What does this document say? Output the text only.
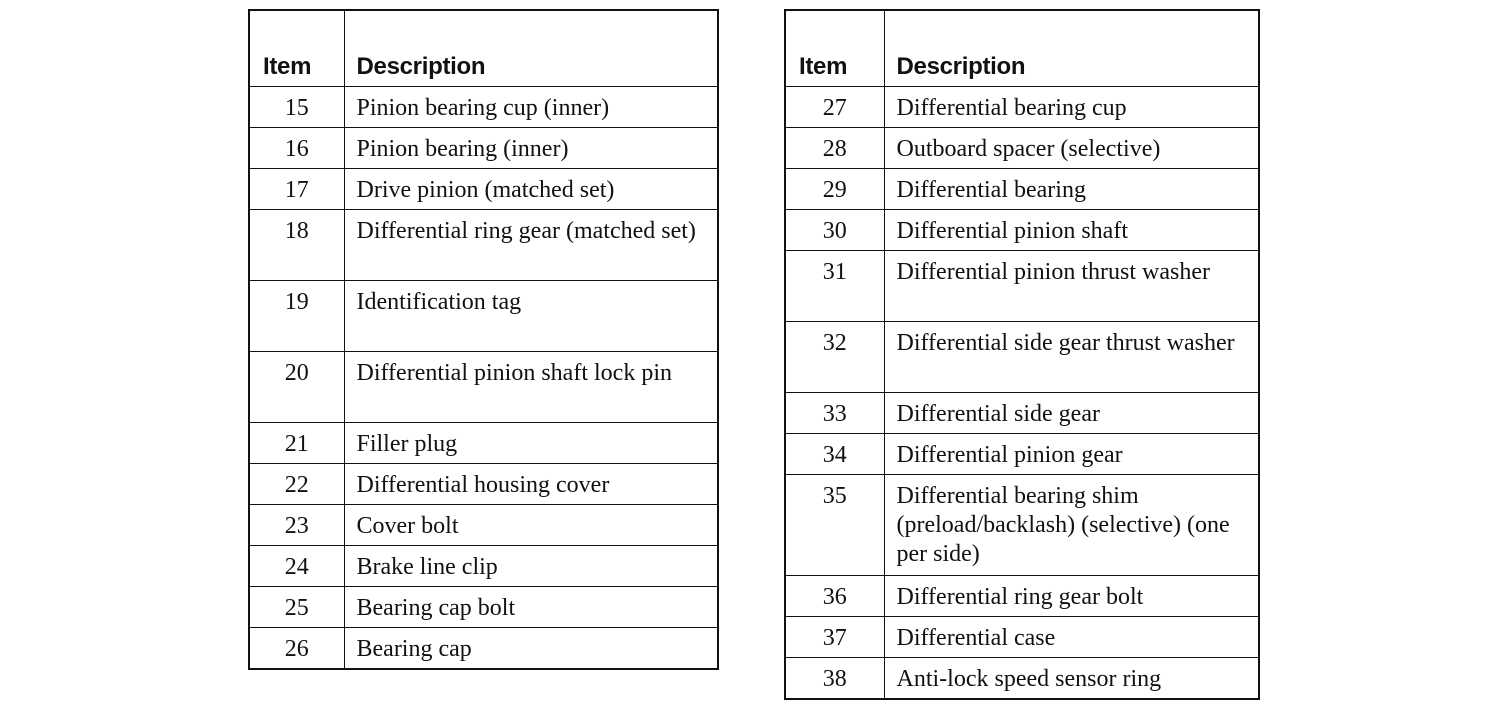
Item	Description
15	Pinion bearing cup (inner)
16	Pinion bearing (inner)
17	Drive pinion (matched set)
18	Differential ring gear (matched set)
19	Identification tag
20	Differential pinion shaft lock pin
21	Filler plug
22	Differential housing cover
23	Cover bolt
24	Brake line clip
25	Bearing cap bolt
26	Bearing cap
Item	Description
27	Differential bearing cup
28	Outboard spacer (selective)
29	Differential bearing
30	Differential pinion shaft
31	Differential pinion thrust washer
32	Differential side gear thrust washer
33	Differential side gear
34	Differential pinion gear
35	Differential bearing shim (preload/backlash) (selective) (one per side)
36	Differential ring gear bolt
37	Differential case
38	Anti-lock speed sensor ring
